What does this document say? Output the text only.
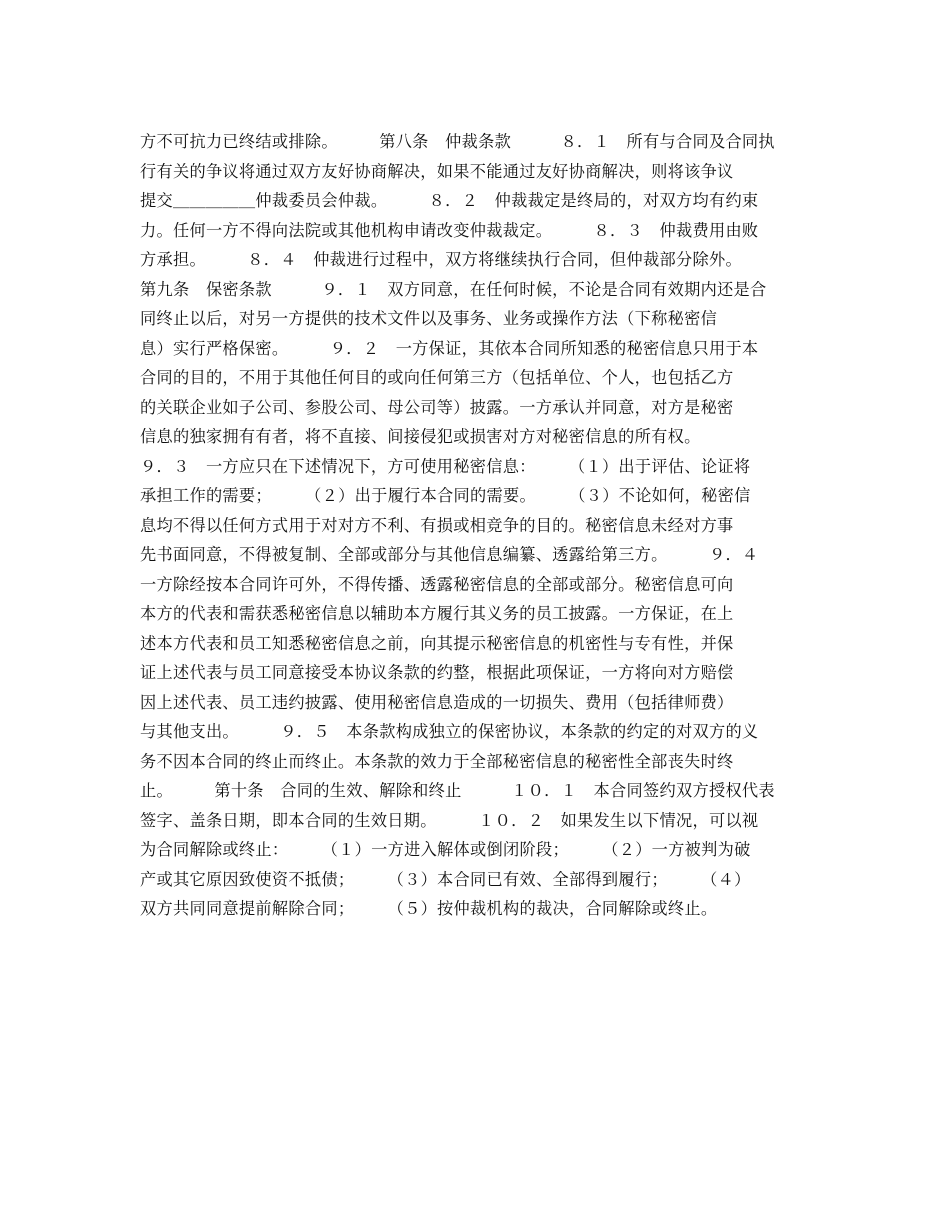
方不可抗力已终结或排除。　　　第八条　仲裁条款　　　８．１　所有与合同及合同执
行有关的争议将通过双方友好协商解决，如果不能通过友好协商解决，则将该争议
提交＿＿＿＿＿仲裁委员会仲裁。　　　８．２　仲裁裁定是终局的，对双方均有约束
力。任何一方不得向法院或其他机构申请改变仲裁裁定。　　　８．３　仲裁费用由败
方承担。　　　８．４　仲裁进行过程中，双方将继续执行合同，但仲裁部分除外。
第九条　保密条款　　　９．１　双方同意，在任何时候，不论是合同有效期内还是合
同终止以后，对另一方提供的技术文件以及事务、业务或操作方法（下称秘密信
息）实行严格保密。　　　９．２　一方保证，其依本合同所知悉的秘密信息只用于本
合同的目的，不用于其他任何目的或向任何第三方（包括单位、个人，也包括乙方
的关联企业如子公司、参股公司、母公司等）披露。一方承认并同意，对方是秘密
信息的独家拥有有者，将不直接、间接侵犯或损害对方对秘密信息的所有权。
９．３　一方应只在下述情况下，方可使用秘密信息：　　　（１）出于评估、论证将
承担工作的需要；　　　（２）出于履行本合同的需要。　　　（３）不论如何，秘密信
息均不得以任何方式用于对对方不利、有损或相竞争的目的。秘密信息未经对方事
先书面同意，不得被复制、全部或部分与其他信息编纂、透露给第三方。　　　９．４
一方除经按本合同许可外，不得传播、透露秘密信息的全部或部分。秘密信息可向
本方的代表和需获悉秘密信息以辅助本方履行其义务的员工披露。一方保证，在上
述本方代表和员工知悉秘密信息之前，向其提示秘密信息的机密性与专有性，并保
证上述代表与员工同意接受本协议条款的约整，根据此项保证，一方将向对方赔偿
因上述代表、员工违约披露、使用秘密信息造成的一切损失、费用（包括律师费）
与其他支出。　　　９．５　本条款构成独立的保密协议，本条款的约定的对双方的义
务不因本合同的终止而终止。本条款的效力于全部秘密信息的秘密性全部丧失时终
止。　　　第十条　合同的生效、解除和终止　　　１０．１　本合同签约双方授权代表
签字、盖条日期，即本合同的生效日期。　　　１０．２　如果发生以下情况，可以视
为合同解除或终止：　　　（１）一方进入解体或倒闭阶段；　　　（２）一方被判为破
产或其它原因致使资不抵债；　　　（３）本合同已有效、全部得到履行；　　　（４）
双方共同同意提前解除合同；　　　（５）按仲裁机构的裁决，合同解除或终止。
